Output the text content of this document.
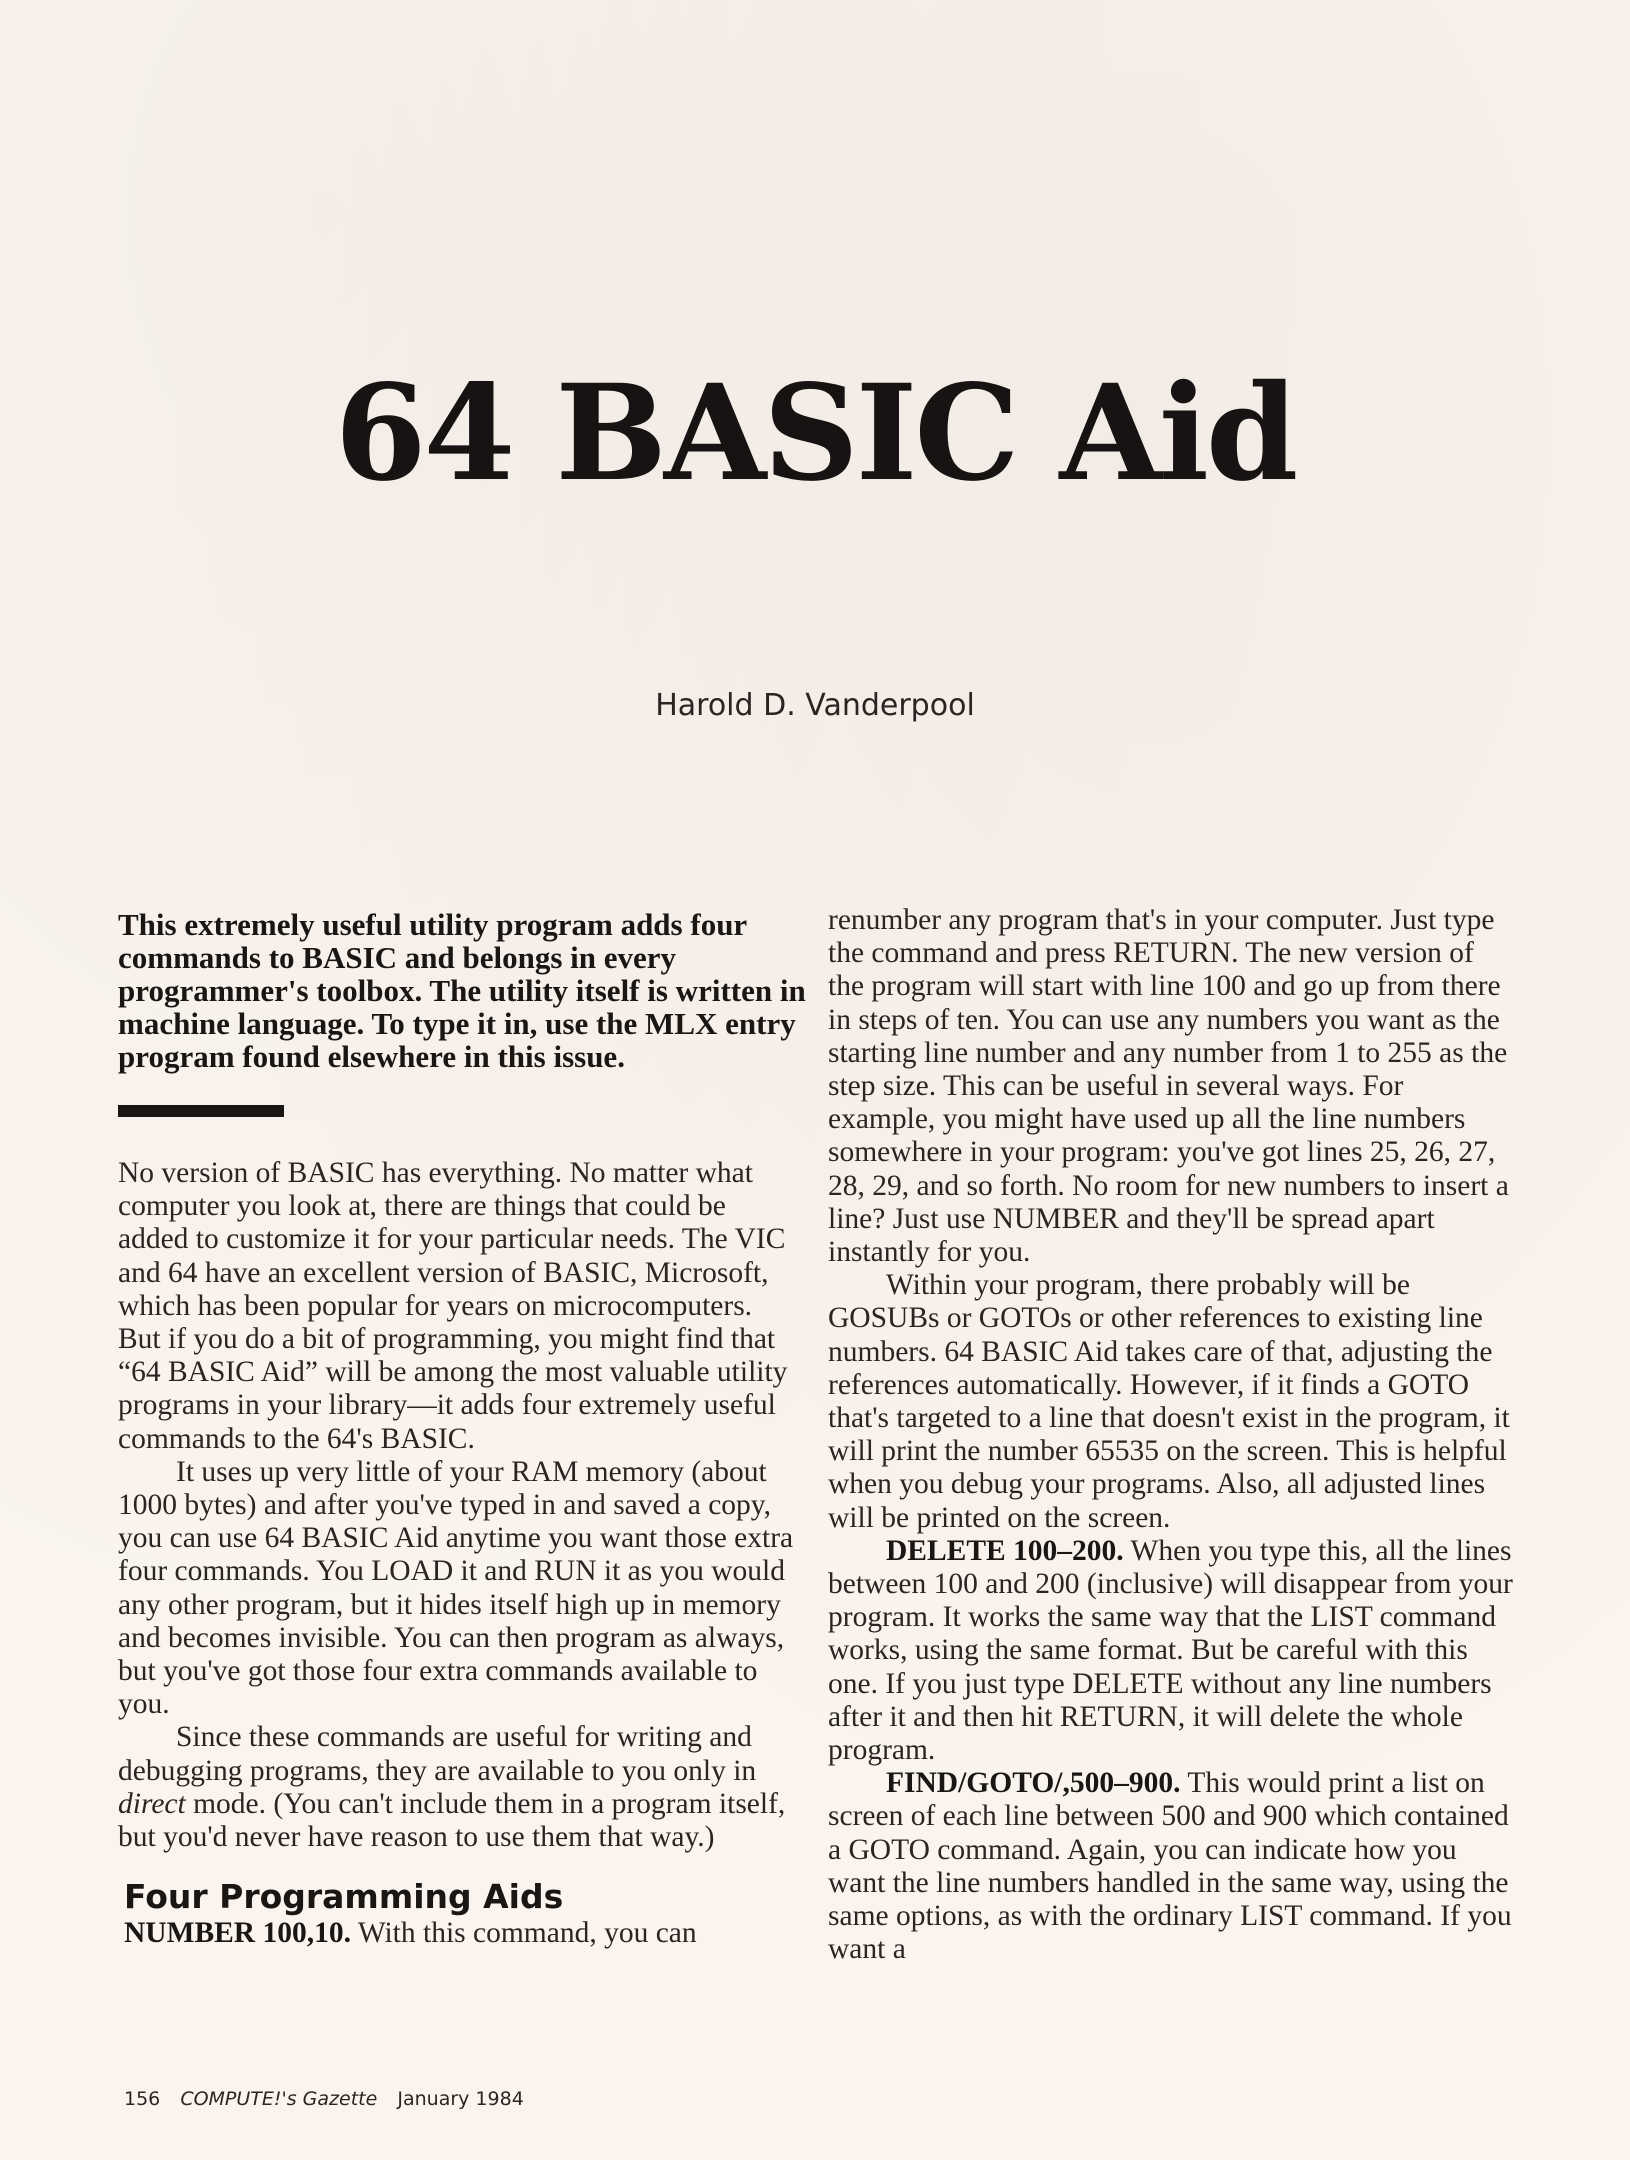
64 BASIC Aid
Harold D. Vanderpool

This extremely useful utility program adds four commands to BASIC and belongs in every programmer's toolbox. The utility itself is written in machine language. To type it in, use the MLX entry program found elsewhere in this issue.

No version of BASIC has everything. No matter what computer you look at, there are things that could be added to customize it for your particular needs. The VIC and 64 have an excellent version of BASIC, Microsoft, which has been popular for years on microcomputers. But if you do a bit of programming, you might find that “64 BASIC Aid” will be among the most valuable utility programs in your library—it adds four extremely useful commands to the 64's BASIC.

It uses up very little of your RAM memory (about 1000 bytes) and after you've typed in and saved a copy, you can use 64 BASIC Aid anytime you want those extra four commands. You LOAD it and RUN it as you would any other program, but it hides itself high up in memory and becomes invisible. You can then program as always, but you've got those four extra commands available to you.

Since these commands are useful for writing and debugging programs, they are available to you only in direct mode. (You can't include them in a program itself, but you'd never have reason to use them that way.)

Four Programming Aids

NUMBER 100,10. With this command, you can

renumber any program that's in your computer. Just type the command and press RETURN. The new version of the program will start with line 100 and go up from there in steps of ten. You can use any numbers you want as the starting line number and any number from 1 to 255 as the step size. This can be useful in several ways. For example, you might have used up all the line numbers somewhere in your program: you've got lines 25, 26, 27, 28, 29, and so forth. No room for new numbers to insert a line? Just use NUMBER and they'll be spread apart instantly for you.

Within your program, there probably will be GOSUBs or GOTOs or other references to existing line numbers. 64 BASIC Aid takes care of that, adjusting the references automatically. However, if it finds a GOTO that's targeted to a line that doesn't exist in the program, it will print the number 65535 on the screen. This is helpful when you debug your programs. Also, all adjusted lines will be printed on the screen.

DELETE 100–200. When you type this, all the lines between 100 and 200 (inclusive) will disappear from your program. It works the same way that the LIST command works, using the same format. But be careful with this one. If you just type DELETE without any line numbers after it and then hit RETURN, it will delete the whole program.

FIND/GOTO/,500–900. This would print a list on screen of each line between 500 and 900 which contained a GOTO command. Again, you can indicate how you want the line numbers handled in the same way, using the same options, as with the ordinary LIST command. If you want a

156 COMPUTE!'s Gazette January 1984
